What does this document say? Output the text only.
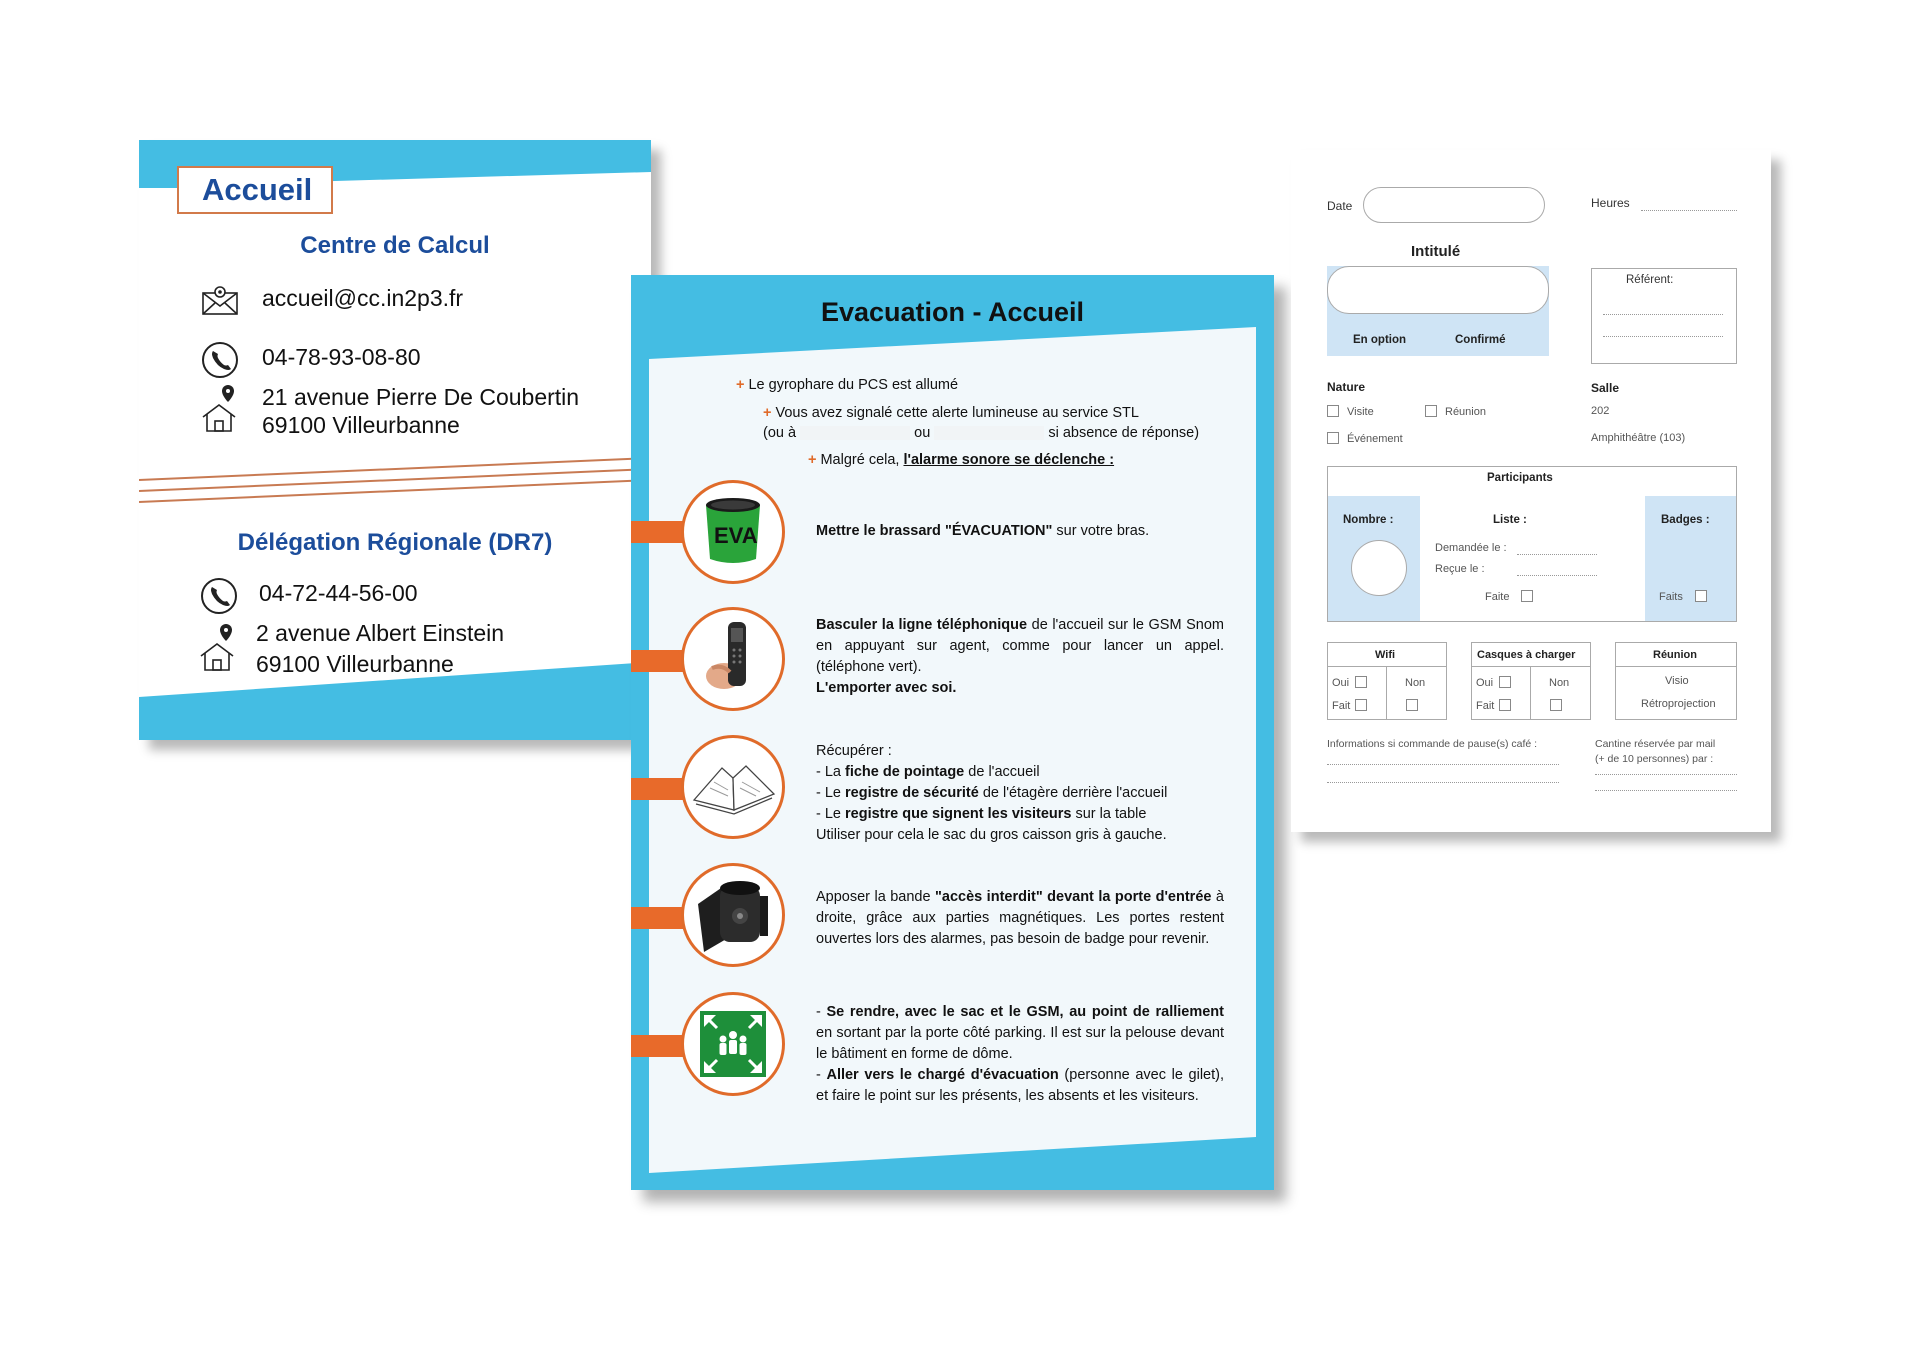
Accueil
Centre de Calcul
accueil@cc.in2p3.fr
04-78-93-08-80
21 avenue Pierre De Coubertin
69100 Villeurbanne
Délégation Régionale (DR7)
04-72-44-56-00
2 avenue Albert Einstein
69100 Villeurbanne
Evacuation - Accueil
+ Le gyrophare du PCS est allumé
+ Vous avez signalé cette alerte lumineuse au service STL
(ou à	ou	si absence de réponse)
+ Malgré cela, l'alarme sonore se déclenche :
EVA	Mettre le brassard "ÉVACUATION" sur votre bras.
Basculer la ligne téléphonique de l'accueil sur le GSM Snom en appuyant sur agent, comme pour lancer un appel. (téléphone vert).
L'emporter avec soi.
Récupérer :
- La fiche de pointage de l'accueil
- Le registre de sécurité de l'étagère derrière l'accueil
- Le registre que signent les visiteurs sur la table
Utiliser pour cela le sac du gros caisson gris à gauche.
Apposer la bande "accès interdit" devant la porte d'entrée à droite, grâce aux parties magnétiques. Les portes restent ouvertes lors des alarmes, pas besoin de badge pour revenir.
- Se rendre, avec le sac et le GSM, au point de ralliement en sortant par la porte côté parking. Il est sur la pelouse devant le bâtiment en forme de dôme.
- Aller vers le chargé d'évacuation (personne avec le gilet), et faire le point sur les présents, les absents et les visiteurs.
Date	Heures
Intitulé
En option	Confirmé
Référent:
Nature
Visite	Réunion
Événement
Salle
202
Amphithéâtre (103)
Participants
Nombre :	Liste :
Demandée le :
Reçue le :
Faite
Badges :
Faits
Wifi
Oui	Non
Fait
Casques à charger
Oui	Non
Fait
Réunion
Visio
Rétroprojection
Informations si commande de pause(s) café :	Cantine réservée par mail
(+ de 10 personnes) par :
